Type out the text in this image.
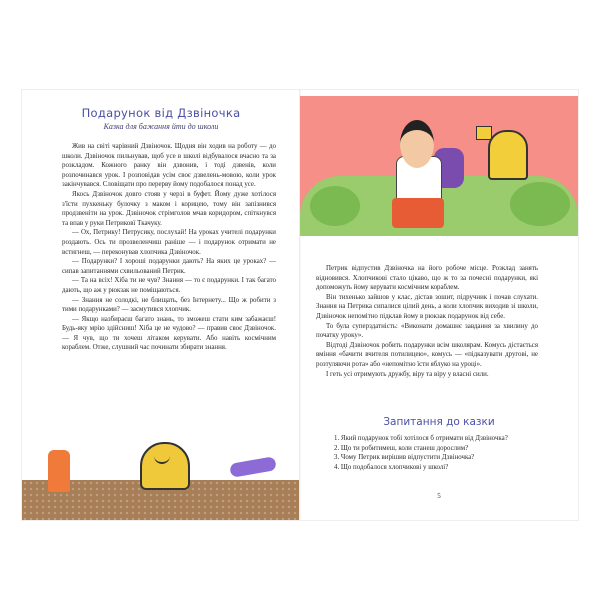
Подарунок від Дзвіночка
Казка для бажання йти до школи

Жив на світі чарівний Дзвіночок. Щодня він ходив на роботу — до школи. Дзвіночок пильнував, щоб усе в школі відбувалося вчасно та за розкладом. Кожного ранку він дзвонив, і тоді дзвенів, коли розпочинався урок. І розповідав усім своє дзвелень-мовою, коли урок закінчувався. Словіщати про перерву йому подобалося понад усе.

Якось Дзвіночок довго стояв у черзі в буфет. Йому дуже хотілося з'їсти пухкеньку булочку з маком і корицею, тому він запізнився продзвеніти на урок. Дзвіночок стрімголов мчав коридором, спіткнувся та впав у руки Петриковї Ткачуку.

— Ох, Петрику! Петрусику, послухай! На уроках учителі подарунки роздають. Ось ти прозвеленчиш раніше — і подарунок отримати не встигнеш, — переконував хлопчика Дзвіночок.

— Подарунки? І хороші подарунки дають? На яких це уроках? — сипав запитаннями схвильований Петрик.

— Та на всіх! Хіба ти не чув? Знання — то є подарунки. І так багато дають, що аж у рюкзак не поміщаються.

— Знання не солодкі, не блищать, без Інтернету... Що ж робити з тими подарунками? — засмутився хлопчик.

— Якщо назбираєш багато знань, то зможеш стати ким забажаєш! Будь-яку мрію здійсниш! Хіба це не чудово? — правив своє Дзвіночок. — Я чув, що ти хочеш літаком керувати. Або навіть космічним кораблем. Отже, слушний час починати збирати знання.

Петрик відпустив Дзвіночка на його робоче місце. Розклад занять відновився. Хлопчикові стало цікаво, що ж то за почесні подарунки, які допоможуть йому керувати космічним кораблем.

Він тихенько зайшов у клас, дістав зошит, підручник і почав слухати. Знання на Петрика сипалися цілий день, а коли хлопчик виходив зі школи, Дзвіночок непомітно підклав йому в рюкзак подарунок від себе.

То була суперздатність: «Виконати домашнє завдання за хвилину до початку уроку».

Відтоді Дзвіночок робить подарунки всім школярам. Комусь дістається вміння «бачити вчителя потилицею», комусь — «підказувати другові, не розтуляючи рота» або «непомітно їсти яблуко на уроці».

І геть усі отримують дружбу, віру та віру у власні сили.

Запитання до казки
1. Який подарунок тобі хотілося б отримати від Дзвіночка?
2. Що ти робитимеш, коли станеш дорослим?
3. Чому Петрик вирішив відпустити Дзвіночка?
4. Що подобалося хлопчикові у школі?
5
